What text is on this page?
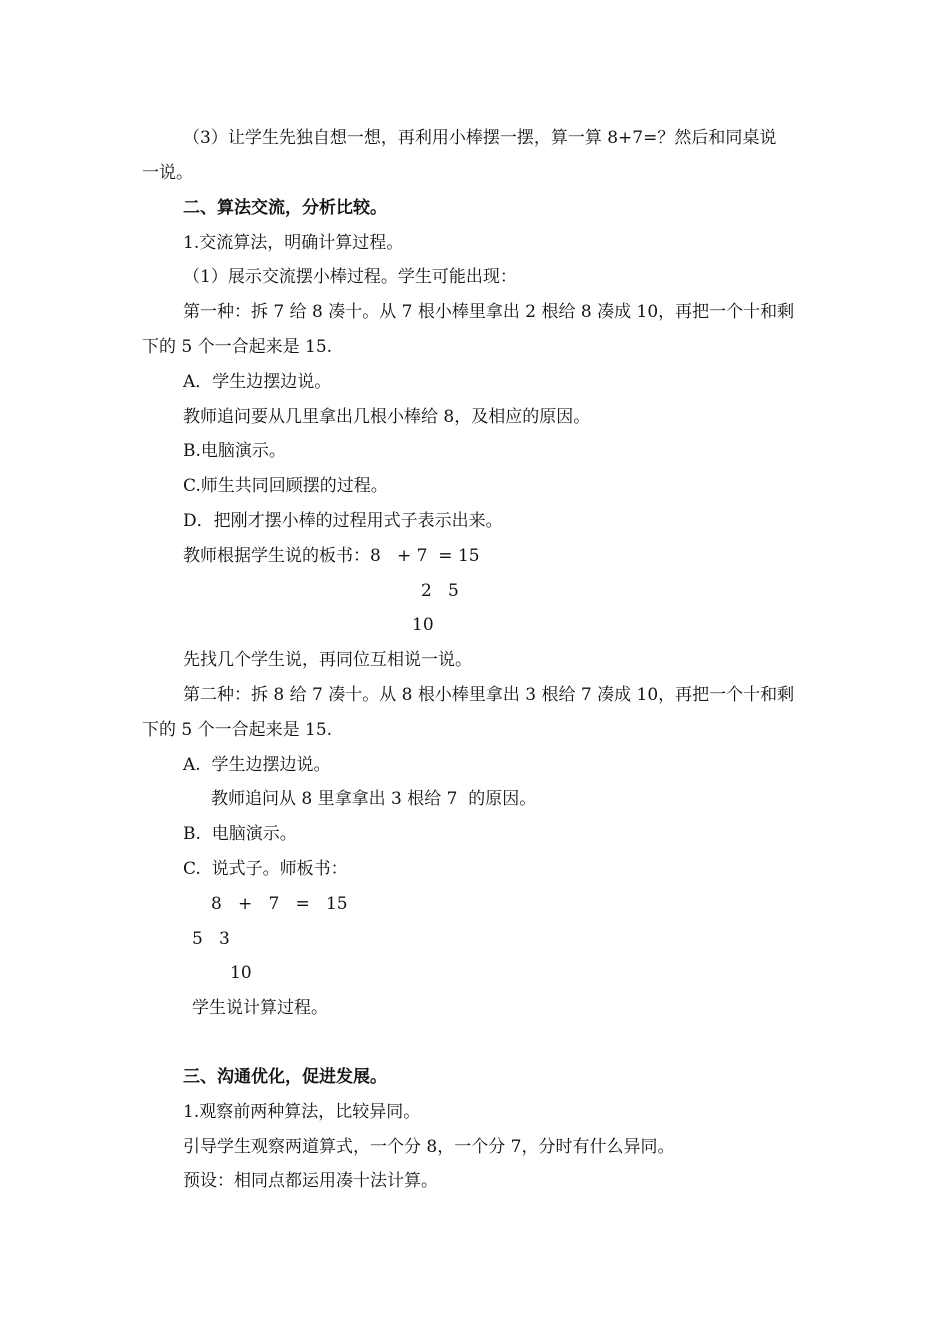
（3）让学生先独自想一想，再利用小棒摆一摆，算一算 8+7=？然后和同桌说
一说。
二、算法交流，分析比较。
1.交流算法，明确计算过程。
（1）展示交流摆小棒过程。学生可能出现：
第一种：拆 7 给 8 凑十。从 7 根小棒里拿出 2 根给 8 凑成 10，再把一个十和剩
下的 5 个一合起来是 15.
A．学生边摆边说。
教师追问要从几里拿出几根小棒给 8，及相应的原因。
B.电脑演示。
C.师生共同回顾摆的过程。
D．把刚才摆小棒的过程用式子表示出来。
教师根据学生说的板书：8   + 7  = 15
2   5
10
先找几个学生说，再同位互相说一说。
第二种：拆 8 给 7 凑十。从 8 根小棒里拿出 3 根给 7 凑成 10，再把一个十和剩
下的 5 个一合起来是 15.
A.  学生边摆边说。
教师追问从 8 里拿拿出 3 根给 7  的原因。
B.  电脑演示。
C.  说式子。师板书：
8   +   7   =   15
5   3
10
学生说计算过程。
三、沟通优化，促进发展。
1.观察前两种算法，比较异同。
引导学生观察两道算式，一个分 8，一个分 7，分时有什么异同。
预设：相同点都运用凑十法计算。
